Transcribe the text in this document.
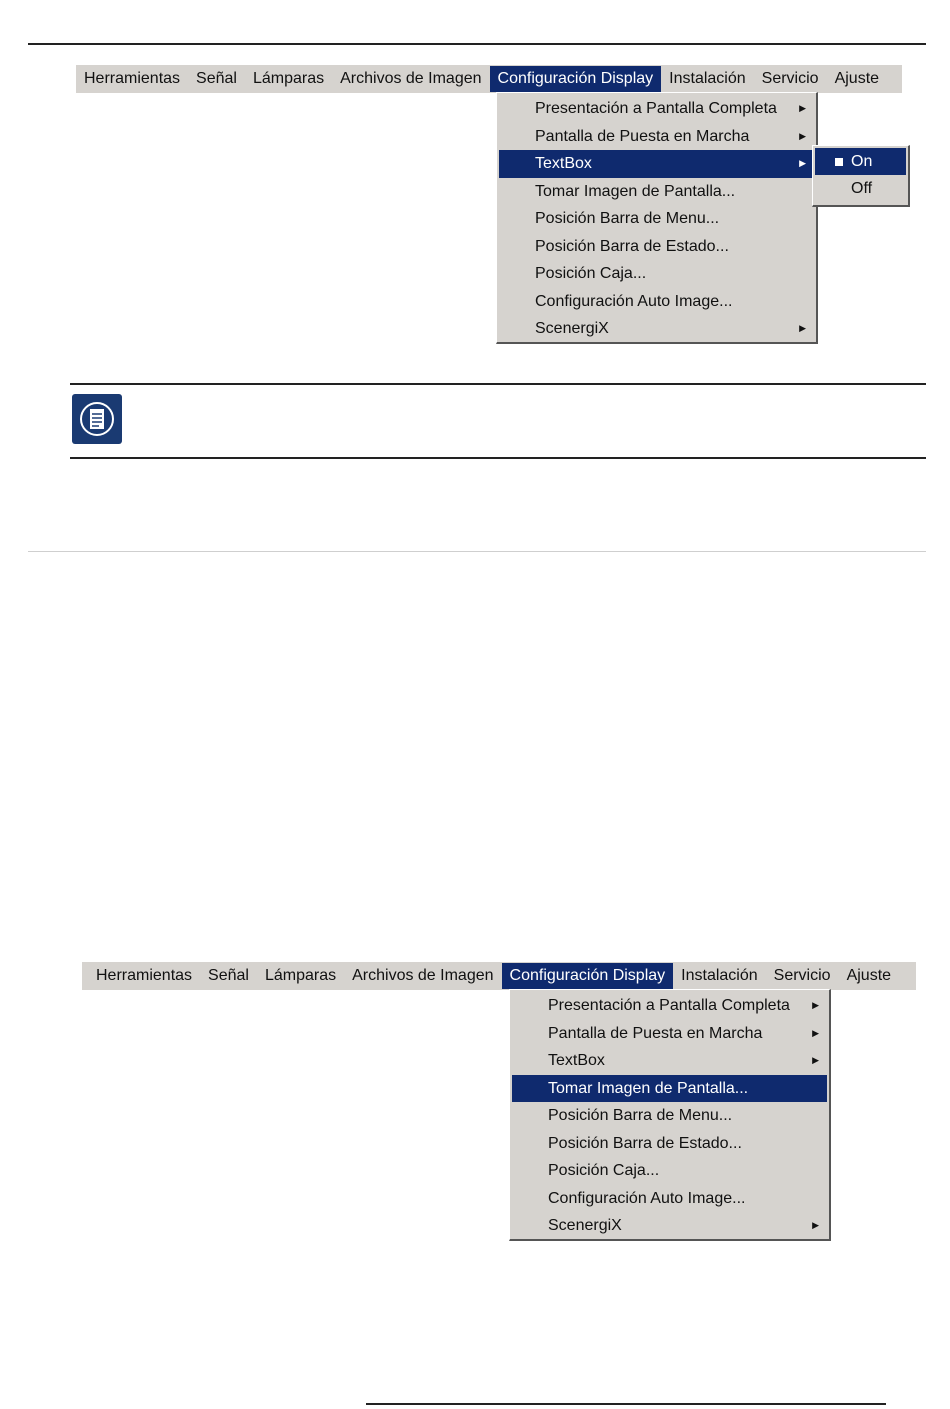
Herramientas	Señal	Lámparas	Archivos de Imagen	Configuración Display	Instalación	Servicio	Ajuste
Presentación a Pantalla Completa ▶
Pantalla de Puesta en Marcha	▶
TextBox	▶
Tomar Imagen de Pantalla...
Posición Barra de Menu...
Posición Barra de Estado...
Posición Caja...
Configuración Auto Image...
ScenergiX	▶
On
Off
Herramientas	Señal	Lámparas	Archivos de Imagen	Configuración Display	Instalación	Servicio	Ajuste
Presentación a Pantalla Completa ▶
Pantalla de Puesta en Marcha	▶
TextBox	▶
Tomar Imagen de Pantalla...
Posición Barra de Menu...
Posición Barra de Estado...
Posición Caja...
Configuración Auto Image...
ScenergiX	▶
